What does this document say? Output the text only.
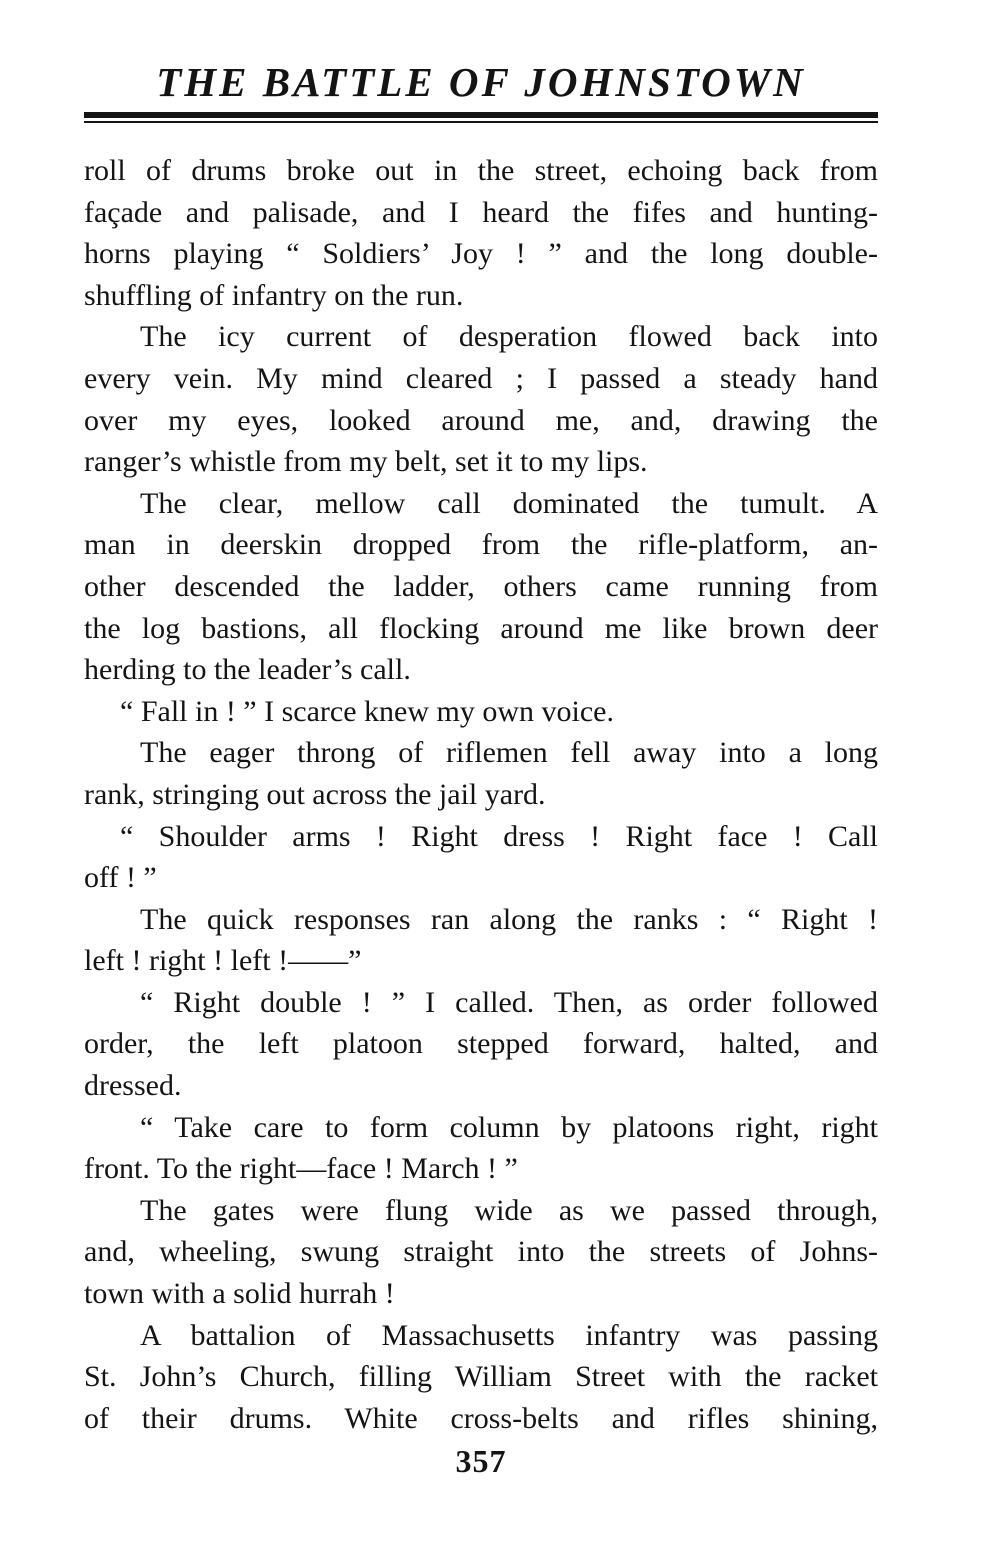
THE BATTLE OF JOHNSTOWN
roll of drums broke out in the street, echoing back from
façade and palisade, and I heard the fifes and hunting-
horns playing “ Soldiers’ Joy ! ” and the long double-
shuffling of infantry on the run.
The icy current of desperation flowed back into
every vein. My mind cleared ; I passed a steady hand
over my eyes, looked around me, and, drawing the
ranger’s whistle from my belt, set it to my lips.
The clear, mellow call dominated the tumult. A
man in deerskin dropped from the rifle-platform, an-
other descended the ladder, others came running from
the log bastions, all flocking around me like brown deer
herding to the leader’s call.
“ Fall in ! ” I scarce knew my own voice.
The eager throng of riflemen fell away into a long
rank, stringing out across the jail yard.
“ Shoulder arms ! Right dress ! Right face ! Call
off ! ”
The quick responses ran along the ranks : “ Right !
left ! right ! left !——”
“ Right double ! ” I called. Then, as order followed
order, the left platoon stepped forward, halted, and
dressed.
“ Take care to form column by platoons right, right
front. To the right—face ! March ! ”
The gates were flung wide as we passed through,
and, wheeling, swung straight into the streets of Johns-
town with a solid hurrah !
A battalion of Massachusetts infantry was passing
St. John’s Church, filling William Street with the racket
of their drums. White cross-belts and rifles shining,
357
